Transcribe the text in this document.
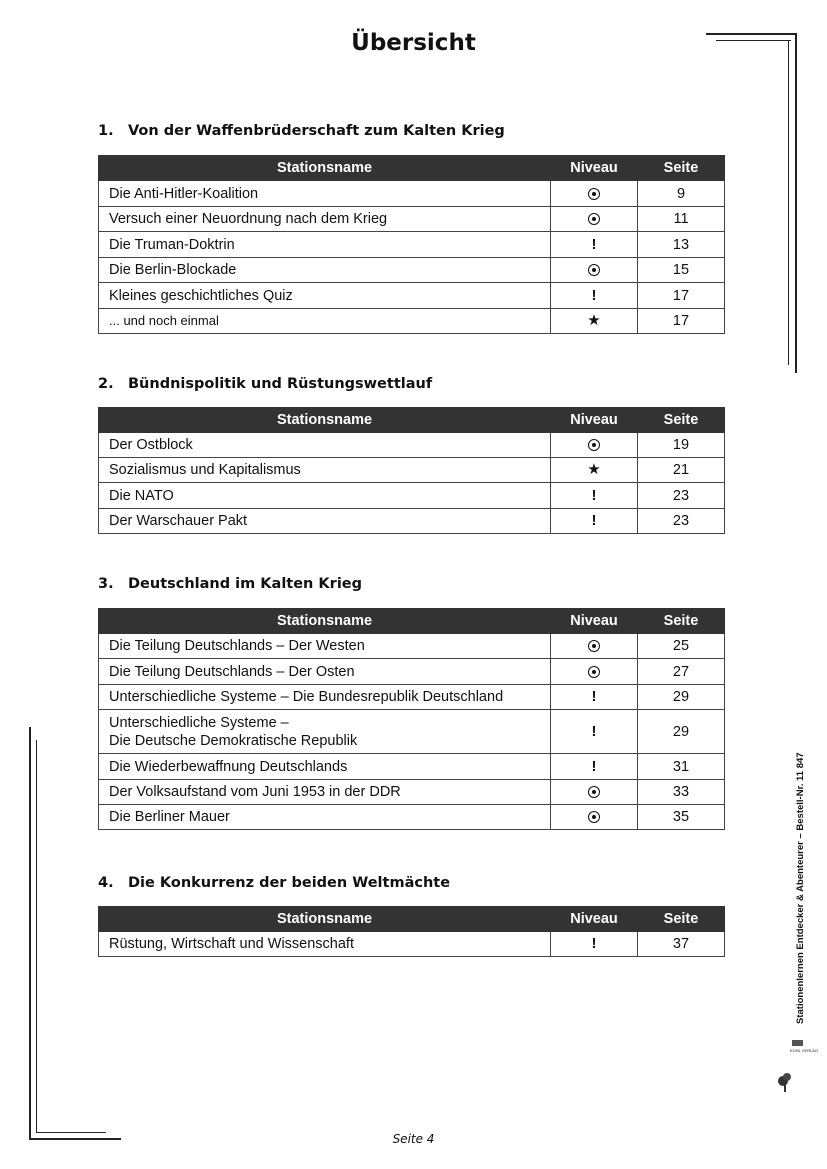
Übersicht
1. Von der Waffenbrüderschaft zum Kalten Krieg
Stationsname	Niveau	Seite
Die Anti-Hitler-Koalition		9
Versuch einer Neuordnung nach dem Krieg		11
Die Truman-Doktrin	!	13
Die Berlin-Blockade		15
Kleines geschichtliches Quiz	!	17
... und noch einmal	★	17
2. Bündnispolitik und Rüstungswettlauf
Stationsname	Niveau	Seite
Der Ostblock		19
Sozialismus und Kapitalismus	★	21
Die NATO	!	23
Der Warschauer Pakt	!	23
3. Deutschland im Kalten Krieg
Stationsname	Niveau	Seite
Die Teilung Deutschlands – Der Westen		25
Die Teilung Deutschlands – Der Osten		27
Unterschiedliche Systeme – Die Bundesrepublik Deutschland	!	29
Unterschiedliche Systeme –
Die Deutsche Demokratische Republik	!	29
Die Wiederbewaffnung Deutschlands	!	31
Der Volksaufstand vom Juni 1953 in der DDR		33
Die Berliner Mauer		35
4. Die Konkurrenz der beiden Weltmächte
Stationsname	Niveau	Seite
Rüstung, Wirtschaft und Wissenschaft	!	37	Stationenlernen Entdecker & Abenteurer – Bestell-Nr. 11 847
KOHL VERLAG
Seite 4
